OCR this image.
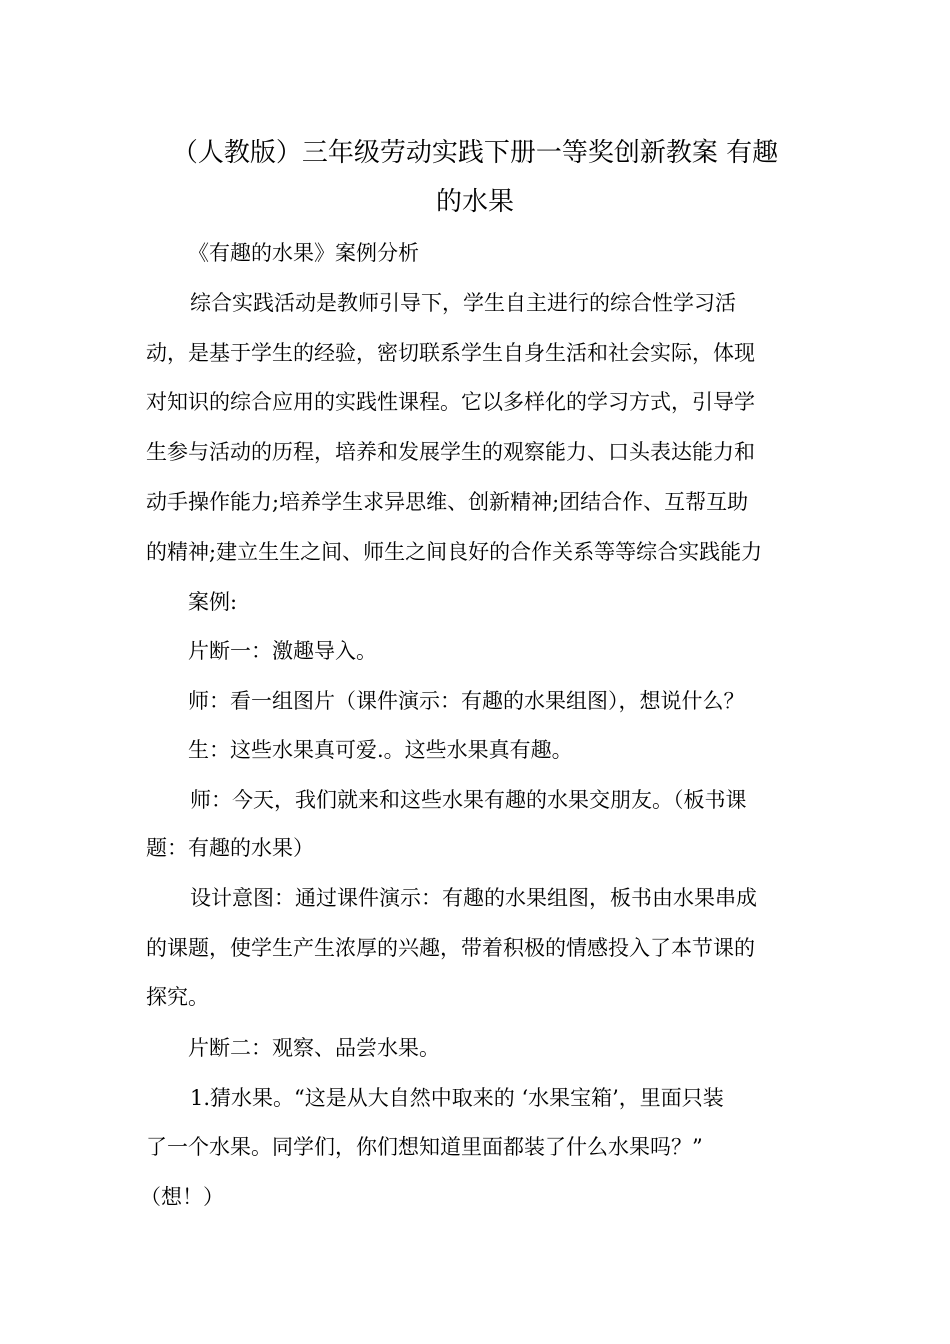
（人教版）三年级劳动实践下册一等奖创新教案 有趣
的水果
《有趣的水果》案例分析
综合实践活动是教师引导下，学生自主进行的综合性学习活
动，是基于学生的经验，密切联系学生自身生活和社会实际，体现
对知识的综合应用的实践性课程。它以多样化的学习方式，引导学
生参与活动的历程，培养和发展学生的观察能力、口头表达能力和
动手操作能力;培养学生求异思维、创新精神;团结合作、互帮互助
的精神;建立生生之间、师生之间良好的合作关系等等综合实践能力
案例:
片断一：激趣导入。
师：看一组图片（课件演示：有趣的水果组图），想说什么？
生：这些水果真可爱.。这些水果真有趣。
师：今天，我们就来和这些水果有趣的水果交朋友。（板书课
题：有趣的水果）
设计意图：通过课件演示：有趣的水果组图，板书由水果串成
的课题，使学生产生浓厚的兴趣，带着积极的情感投入了本节课的
探究。
片断二：观察、品尝水果。
1.猜水果。“这是从大自然中取来的 ‘水果宝箱’，里面只装
了一个水果。同学们，你们想知道里面都装了什么水果吗？”
（想！）
